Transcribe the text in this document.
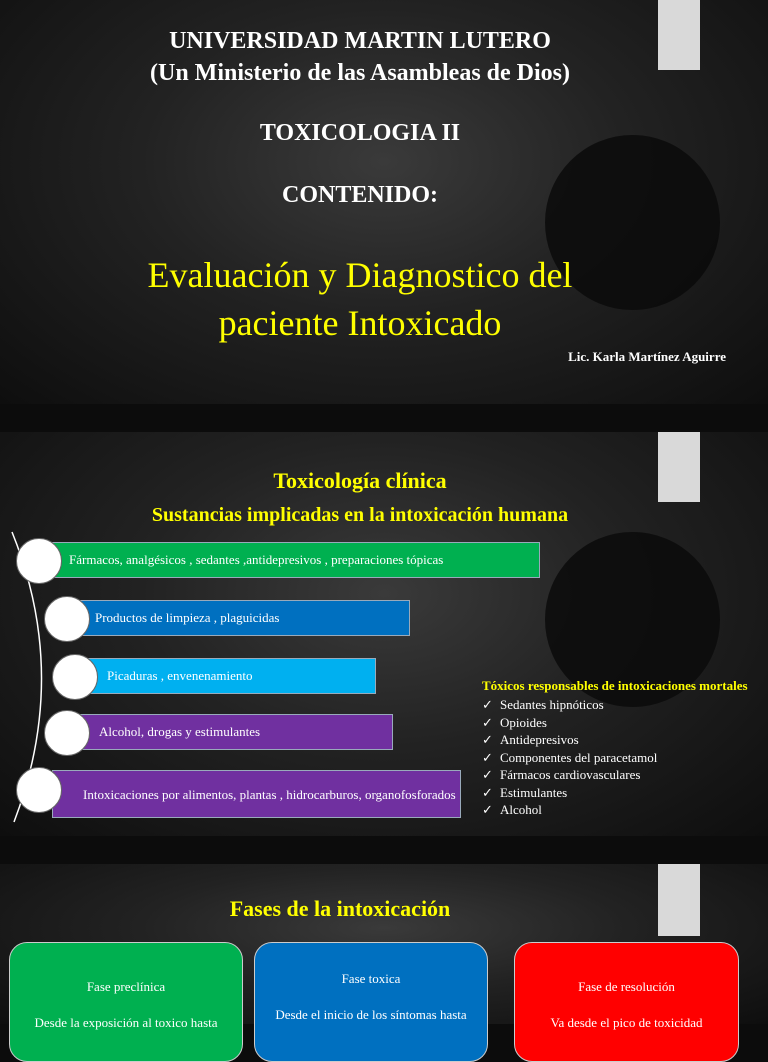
UNIVERSIDAD MARTIN LUTERO
(Un Ministerio de las Asambleas de Dios)
TOXICOLOGIA II
CONTENIDO:
Evaluación y Diagnostico del
paciente Intoxicado
Lic. Karla Martínez Aguirre
Toxicología clínica
Sustancias implicadas en la intoxicación humana
Fármacos, analgésicos , sedantes ,antidepresivos , preparaciones tópicas
Productos de limpieza , plaguicidas
Picaduras , envenenamiento
Alcohol, drogas y estimulantes
Intoxicaciones por alimentos, plantas , hidrocarburos, organofosforados
Tóxicos responsables de intoxicaciones mortales
✓ Sedantes hipnóticos
✓ Opioides
✓ Antidepresivos
✓ Componentes del paracetamol
✓ Fármacos cardiovasculares
✓ Estimulantes
✓ Alcohol
Fases de la intoxicación
Fase preclínica
Desde la exposición al toxico hasta
Fase toxica
Desde el inicio de los síntomas hasta
Fase de resolución
Va desde el pico de toxicidad
